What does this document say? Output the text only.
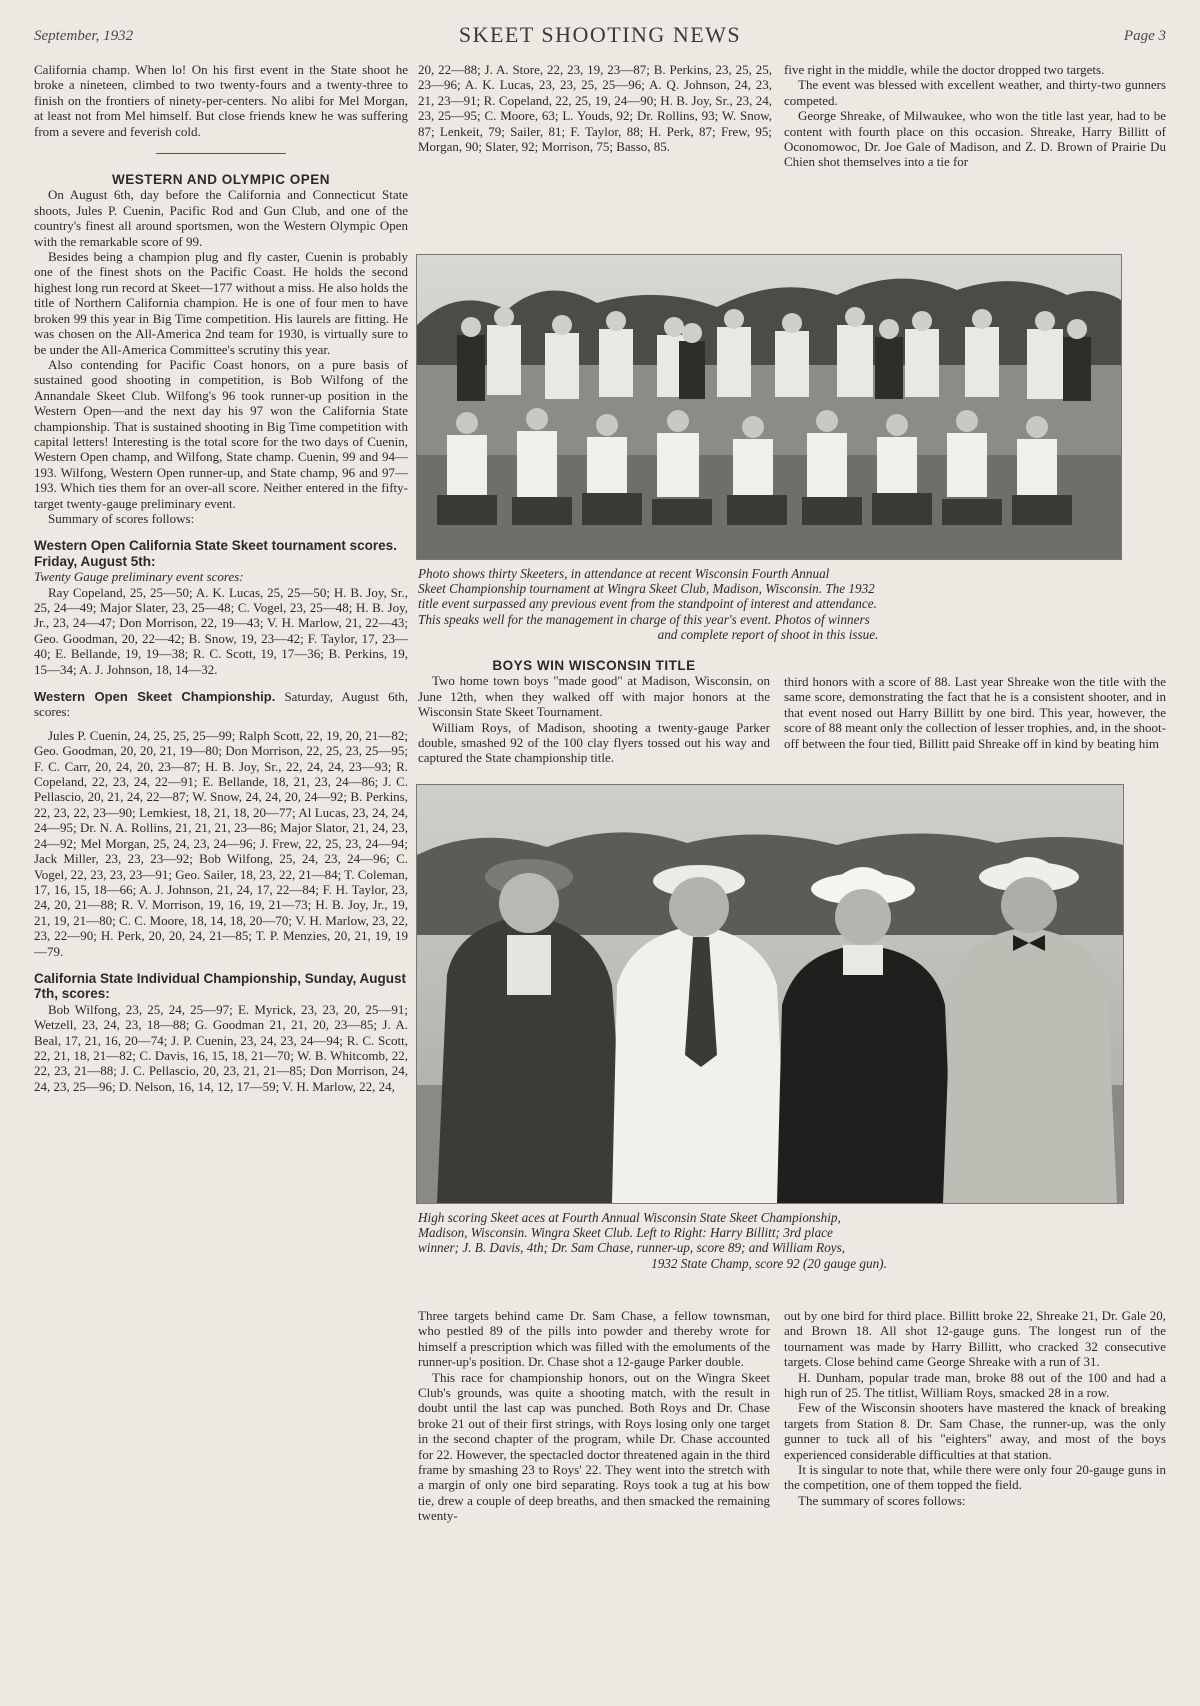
September, 1932	SKEET SHOOTING NEWS	Page 3

California champ. When lo! On his first event in the State shoot he broke a nineteen, climbed to two twenty-fours and a twenty-three to finish on the frontiers of ninety-per-centers. No alibi for Mel Morgan, at least not from Mel himself. But close friends knew he was suffering from a severe and feverish cold.

WESTERN AND OLYMPIC OPEN

On August 6th, day before the California and Connecticut State shoots, Jules P. Cuenin, Pacific Rod and Gun Club, and one of the country's finest all around sportsmen, won the Western Olympic Open with the remarkable score of 99.

Besides being a champion plug and fly caster, Cuenin is probably one of the finest shots on the Pacific Coast. He holds the second highest long run record at Skeet—177 without a miss. He also holds the title of Northern California champion. He is one of four men to have broken 99 this year in Big Time competition. His laurels are fitting. He was chosen on the All-America 2nd team for 1930, is virtually sure to be under the All-America Committee's scrutiny this year.

Also contending for Pacific Coast honors, on a pure basis of sustained good shooting in competition, is Bob Wilfong of the Annandale Skeet Club. Wilfong's 96 took runner-up position in the Western Open—and the next day his 97 won the California State championship. That is sustained shooting in Big Time competition with capital letters! Interesting is the total score for the two days of Cuenin, Western Open champ, and Wilfong, State champ. Cuenin, 99 and 94—193. Wilfong, Western Open runner-up, and State champ, 96 and 97—193. Which ties them for an over-all score. Neither entered in the fifty-target twenty-gauge preliminary event.

Summary of scores follows:

Western Open California State Skeet tournament scores. Friday, August 5th:

Twenty Gauge preliminary event scores:

Ray Copeland, 25, 25—50; A. K. Lucas, 25, 25—50; H. B. Joy, Sr., 25, 24—49; Major Slater, 23, 25—48; C. Vogel, 23, 25—48; H. B. Joy, Jr., 23, 24—47; Don Morrison, 22, 19—43; V. H. Marlow, 21, 22—43; Geo. Goodman, 20, 22—42; B. Snow, 19, 23—42; F. Taylor, 17, 23—40; E. Bellande, 19, 19—38; R. C. Scott, 19, 17—36; B. Perkins, 19, 15—34; A. J. Johnson, 18, 14—32.

Western Open Skeet Championship. Saturday, August 6th, scores:

Jules P. Cuenin, 24, 25, 25, 25—99; Ralph Scott, 22, 19, 20, 21—82; Geo. Goodman, 20, 20, 21, 19—80; Don Morrison, 22, 25, 23, 25—95; F. C. Carr, 20, 24, 20, 23—87; H. B. Joy, Sr., 22, 24, 24, 23—93; R. Copeland, 22, 23, 24, 22—91; E. Bellande, 18, 21, 23, 24—86; J. C. Pellascio, 20, 21, 24, 22—87; W. Snow, 24, 24, 20, 24—92; B. Perkins, 22, 23, 22, 23—90; Lemkiest, 18, 21, 18, 20—77; Al Lucas, 23, 24, 24, 24—95; Dr. N. A. Rollins, 21, 21, 21, 23—86; Major Slator, 21, 24, 23, 24—92; Mel Morgan, 25, 24, 23, 24—96; J. Frew, 22, 25, 23, 24—94; Jack Miller, 23, 23, 23—92; Bob Wilfong, 25, 24, 23, 24—96; C. Vogel, 22, 23, 23, 23—91; Geo. Sailer, 18, 23, 22, 21—84; T. Coleman, 17, 16, 15, 18—66; A. J. Johnson, 21, 24, 17, 22—84; F. H. Taylor, 23, 24, 20, 21—88; R. V. Morrison, 19, 16, 19, 21—73; H. B. Joy, Jr., 19, 21, 19, 21—80; C. C. Moore, 18, 14, 18, 20—70; V. H. Marlow, 23, 22, 23, 22—90; H. Perk, 20, 20, 24, 21—85; T. P. Menzies, 20, 21, 19, 19—79.

California State Individual Championship, Sunday, August 7th, scores:

Bob Wilfong, 23, 25, 24, 25—97; E. Myrick, 23, 23, 20, 25—91; Wetzell, 23, 24, 23, 18—88; G. Goodman 21, 21, 20, 23—85; J. A. Beal, 17, 21, 16, 20—74; J. P. Cuenin, 23, 24, 23, 24—94; R. C. Scott, 22, 21, 18, 21—82; C. Davis, 16, 15, 18, 21—70; W. B. Whitcomb, 22, 22, 23, 21—88; J. C. Pellascio, 20, 23, 21, 21—85; Don Morrison, 24, 24, 23, 25—96; D. Nelson, 16, 14, 12, 17—59; V. H. Marlow, 22, 24,

20, 22—88; J. A. Store, 22, 23, 19, 23—87; B. Perkins, 23, 25, 25, 23—96; A. K. Lucas, 23, 23, 25, 25—96; A. Q. Johnson, 24, 23, 21, 23—91; R. Copeland, 22, 25, 19, 24—90; H. B. Joy, Sr., 23, 24, 23, 25—95; C. Moore, 63; L. Youds, 92; Dr. Rollins, 93; W. Snow, 87; Lenkeit, 79; Sailer, 81; F. Taylor, 88; H. Perk, 87; Frew, 95; Morgan, 90; Slater, 92; Morrison, 75; Basso, 85.

five right in the middle, while the doctor dropped two targets.

The event was blessed with excellent weather, and thirty-two gunners competed.

George Shreake, of Milwaukee, who won the title last year, had to be content with fourth place on this occasion. Shreake, Harry Billitt of Oconomowoc, Dr. Joe Gale of Madison, and Z. D. Brown of Prairie Du Chien shot themselves into a tie for

Photo shows thirty Skeeters, in attendance at recent Wisconsin Fourth Annual
Skeet Championship tournament at Wingra Skeet Club, Madison, Wisconsin. The 1932
title event surpassed any previous event from the standpoint of interest and attendance.
This speaks well for the management in charge of this year's event. Photos of winners
and complete report of shoot in this issue.
BOYS WIN WISCONSIN TITLE

Two home town boys "made good" at Madison, Wisconsin, on June 12th, when they walked off with major honors at the Wisconsin State Skeet Tournament.

William Roys, of Madison, shooting a twenty-gauge Parker double, smashed 92 of the 100 clay flyers tossed out his way and captured the State championship title.

third honors with a score of 88. Last year Shreake won the title with the same score, demonstrating the fact that he is a consistent shooter, and in that event nosed out Harry Billitt by one bird. This year, however, the score of 88 meant only the collection of lesser trophies, and, in the shoot-off between the four tied, Billitt paid Shreake off in kind by beating him

High scoring Skeet aces at Fourth Annual Wisconsin State Skeet Championship,
Madison, Wisconsin. Wingra Skeet Club. Left to Right: Harry Billitt; 3rd place
winner; J. B. Davis, 4th; Dr. Sam Chase, runner-up, score 89; and William Roys,
1932 State Champ, score 92 (20 gauge gun).

Three targets behind came Dr. Sam Chase, a fellow townsman, who pestled 89 of the pills into powder and thereby wrote for himself a prescription which was filled with the emoluments of the runner-up's position. Dr. Chase shot a 12-gauge Parker double.

This race for championship honors, out on the Wingra Skeet Club's grounds, was quite a shooting match, with the result in doubt until the last cap was punched. Both Roys and Dr. Chase broke 21 out of their first strings, with Roys losing only one target in the second chapter of the program, while Dr. Chase accounted for 22. However, the spectacled doctor threatened again in the third frame by smashing 23 to Roys' 22. They went into the stretch with a margin of only one bird separating. Roys took a tug at his bow tie, drew a couple of deep breaths, and then smacked the remaining twenty-

out by one bird for third place. Billitt broke 22, Shreake 21, Dr. Gale 20, and Brown 18. All shot 12-gauge guns. The longest run of the tournament was made by Harry Billitt, who cracked 32 consecutive targets. Close behind came George Shreake with a run of 31.

H. Dunham, popular trade man, broke 88 out of the 100 and had a high run of 25. The titlist, William Roys, smacked 28 in a row.

Few of the Wisconsin shooters have mastered the knack of breaking targets from Station 8. Dr. Sam Chase, the runner-up, was the only gunner to tuck all of his "eighters" away, and most of the boys experienced considerable difficulties at that station.

It is singular to note that, while there were only four 20-gauge guns in the competition, one of them topped the field.

The summary of scores follows:
